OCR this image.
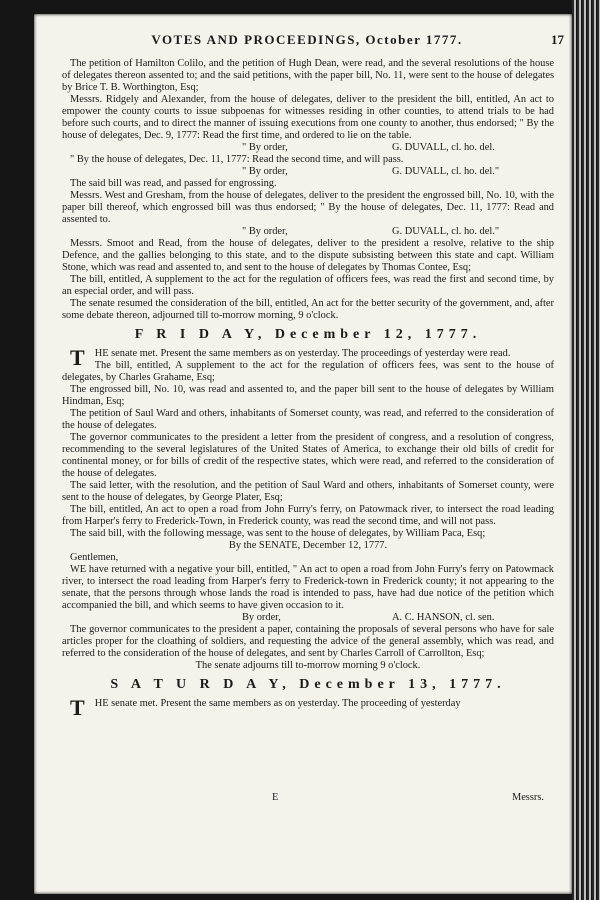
VOTES AND PROCEEDINGS, October 1777.	17

The petition of Hamilton Colilo, and the petition of Hugh Dean, were read, and the several resolutions of the house of delegates thereon assented to; and the said petitions, with the paper bill, No. 11, were sent to the house of delegates by Brice T. B. Worthington, Esq;

Messrs. Ridgely and Alexander, from the house of delegates, deliver to the president the bill, entitled, An act to empower the county courts to issue subpoenas for witnesses residing in other counties, to attend trials to be had before such courts, and to direct the manner of issuing executions from one county to another, thus endorsed; " By the house of delegates, Dec. 9, 1777: Read the first time, and ordered to lie on the table.

" By order,	G. DUVALL, cl. ho. del.

" By the house of delegates, Dec. 11, 1777: Read the second time, and will pass.

" By order,	G. DUVALL, cl. ho. del."

The said bill was read, and passed for engrossing.

Messrs. West and Gresham, from the house of delegates, deliver to the president the engrossed bill, No. 10, with the paper bill thereof, which engrossed bill was thus endorsed; " By the house of delegates, Dec. 11, 1777: Read and assented to.

" By order,	G. DUVALL, cl. ho. del."

Messrs. Smoot and Read, from the house of delegates, deliver to the president a resolve, relative to the ship Defence, and the gallies belonging to this state, and to the dispute subsisting between this state and capt. William Stone, which was read and assented to, and sent to the house of delegates by Thomas Contee, Esq;

The bill, entitled, A supplement to the act for the regulation of officers fees, was read the first and second time, by an especial order, and will pass.

The senate resumed the consideration of the bill, entitled, An act for the better security of the government, and, after some debate thereon, adjourned till to-morrow morning, 9 o'clock.

F R I D A Y, December 12, 1777.

THE senate met. Present the same members as on yesterday. The proceedings of yesterday were read.

The bill, entitled, A supplement to the act for the regulation of officers fees, was sent to the house of delegates, by Charles Grahame, Esq;

The engrossed bill, No. 10, was read and assented to, and the paper bill sent to the house of delegates by William Hindman, Esq;

The petition of Saul Ward and others, inhabitants of Somerset county, was read, and referred to the consideration of the house of delegates.

The governor communicates to the president a letter from the president of congress, and a resolution of congress, recommending to the several legislatures of the United States of America, to exchange their old bills of credit for continental money, or for bills of credit of the respective states, which were read, and referred to the consideration of the house of delegates.

The said letter, with the resolution, and the petition of Saul Ward and others, inhabitants of Somerset county, were sent to the house of delegates, by George Plater, Esq;

The bill, entitled, An act to open a road from John Furry's ferry, on Patowmack river, to intersect the road leading from Harper's ferry to Frederick-Town, in Frederick county, was read the second time, and will not pass.

The said bill, with the following message, was sent to the house of delegates, by William Paca, Esq;

By the SENATE, December 12, 1777.

Gentlemen,

WE have returned with a negative your bill, entitled, " An act to open a road from John Furry's ferry on Patowmack river, to intersect the road leading from Harper's ferry to Frederick-town in Frederick county; it not appearing to the senate, that the persons through whose lands the road is intended to pass, have had due notice of the petition which accompanied the bill, and which seems to have given occasion to it.

By order,	A. C. HANSON, cl. sen.

The governor communicates to the president a paper, containing the proposals of several persons who have for sale articles proper for the cloathing of soldiers, and requesting the advice of the general assembly, which was read, and referred to the consideration of the house of delegates, and sent by Charles Carroll of Carrollton, Esq;

The senate adjourns till to-morrow morning 9 o'clock.

S A T U R D A Y, December 13, 1777.

THE senate met. Present the same members as on yesterday. The proceeding of yesterday

E	Messrs.
